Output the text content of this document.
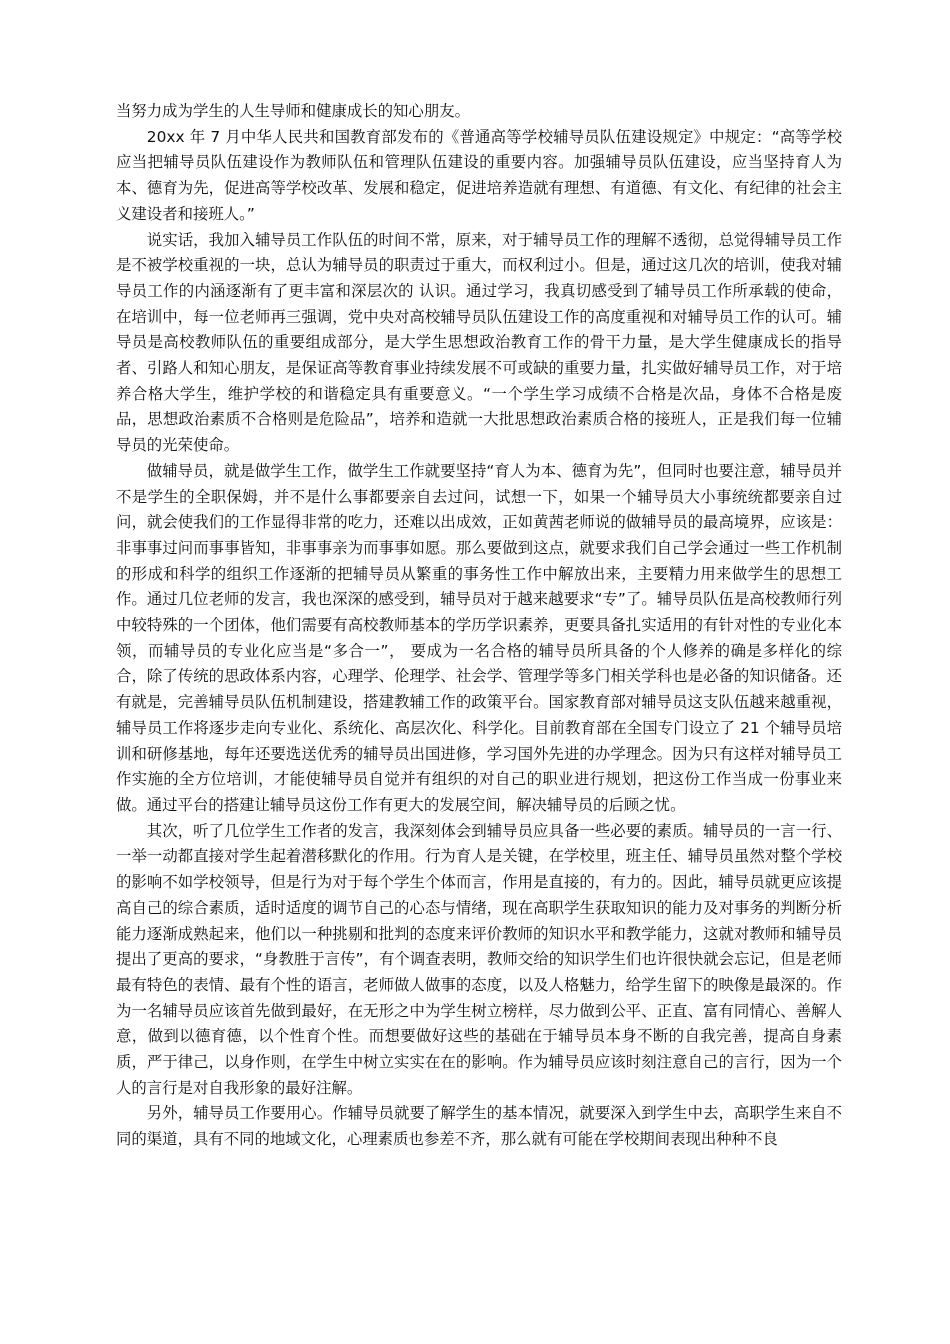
当努力成为学生的人生导师和健康成长的知心朋友。

20xx 年 7 月中华人民共和国教育部发布的《普通高等学校辅导员队伍建设规定》中规定：“高等学校应当把辅导员队伍建设作为教师队伍和管理队伍建设的重要内容。加强辅导员队伍建设，应当坚持育人为本、德育为先，促进高等学校改革、发展和稳定，促进培养造就有理想、有道德、有文化、有纪律的社会主义建设者和接班人。”

说实话，我加入辅导员工作队伍的时间不常，原来，对于辅导员工作的理解不透彻，总觉得辅导员工作是不被学校重视的一块，总认为辅导员的职责过于重大，而权利过小。但是，通过这几次的培训，使我对辅导员工作的内涵逐渐有了更丰富和深层次的 认识。通过学习，我真切感受到了辅导员工作所承载的使命，在培训中，每一位老师再三强调，党中央对高校辅导员队伍建设工作的高度重视和对辅导员工作的认可。辅导员是高校教师队伍的重要组成部分，是大学生思想政治教育工作的骨干力量，是大学生健康成长的指导者、引路人和知心朋友，是保证高等教育事业持续发展不可或缺的重要力量，扎实做好辅导员工作，对于培养合格大学生，维护学校的和谐稳定具有重要意义。“一个学生学习成绩不合格是次品，身体不合格是废品，思想政治素质不合格则是危险品”，培养和造就一大批思想政治素质合格的接班人，正是我们每一位辅导员的光荣使命。

做辅导员，就是做学生工作，做学生工作就要坚持“育人为本、德育为先”，但同时也要注意，辅导员并不是学生的全职保姆，并不是什么事都要亲自去过问，试想一下，如果一个辅导员大小事统统都要亲自过问，就会使我们的工作显得非常的吃力，还难以出成效，正如黄茜老师说的做辅导员的最高境界，应该是：非事事过问而事事皆知，非事事亲为而事事如愿。那么要做到这点，就要求我们自己学会通过一些工作机制的形成和科学的组织工作逐渐的把辅导员从繁重的事务性工作中解放出来，主要精力用来做学生的思想工作。通过几位老师的发言，我也深深的感受到，辅导员对于越来越要求“专”了。辅导员队伍是高校教师行列中较特殊的一个团体，他们需要有高校教师基本的学历学识素养，更要具备扎实适用的有针对性的专业化本领，而辅导员的专业化应当是“多合一”， 要成为一名合格的辅导员所具备的个人修养的确是多样化的综合，除了传统的思政体系内容，心理学、伦理学、社会学、管理学等多门相关学科也是必备的知识储备。还有就是，完善辅导员队伍机制建设，搭建教辅工作的政策平台。国家教育部对辅导员这支队伍越来越重视，辅导员工作将逐步走向专业化、系统化、高层次化、科学化。目前教育部在全国专门设立了 21 个辅导员培训和研修基地，每年还要选送优秀的辅导员出国进修，学习国外先进的办学理念。因为只有这样对辅导员工作实施的全方位培训，才能使辅导员自觉并有组织的对自己的职业进行规划，把这份工作当成一份事业来做。通过平台的搭建让辅导员这份工作有更大的发展空间，解决辅导员的后顾之忧。

其次，听了几位学生工作者的发言，我深刻体会到辅导员应具备一些必要的素质。辅导员的一言一行、一举一动都直接对学生起着潜移默化的作用。行为育人是关键，在学校里，班主任、辅导员虽然对整个学校的影响不如学校领导，但是行为对于每个学生个体而言，作用是直接的，有力的。因此，辅导员就更应该提高自己的综合素质，适时适度的调节自己的心态与情绪，现在高职学生获取知识的能力及对事务的判断分析能力逐渐成熟起来，他们以一种挑剔和批判的态度来评价教师的知识水平和教学能力，这就对教师和辅导员提出了更高的要求，“身教胜于言传”，有个调查表明，教师交给的知识学生们也许很快就会忘记，但是老师最有特色的表情、最有个性的语言，老师做人做事的态度，以及人格魅力，给学生留下的映像是最深的。作为一名辅导员应该首先做到最好，在无形之中为学生树立榜样，尽力做到公平、正直、富有同情心、善解人意，做到以德育德，以个性育个性。而想要做好这些的基础在于辅导员本身不断的自我完善，提高自身素质，严于律己，以身作则，在学生中树立实实在在的影响。作为辅导员应该时刻注意自己的言行，因为一个人的言行是对自我形象的最好注解。

另外，辅导员工作要用心。作辅导员就要了解学生的基本情况，就要深入到学生中去，高职学生来自不同的渠道，具有不同的地域文化，心理素质也参差不齐，那么就有可能在学校期间表现出种种不良
